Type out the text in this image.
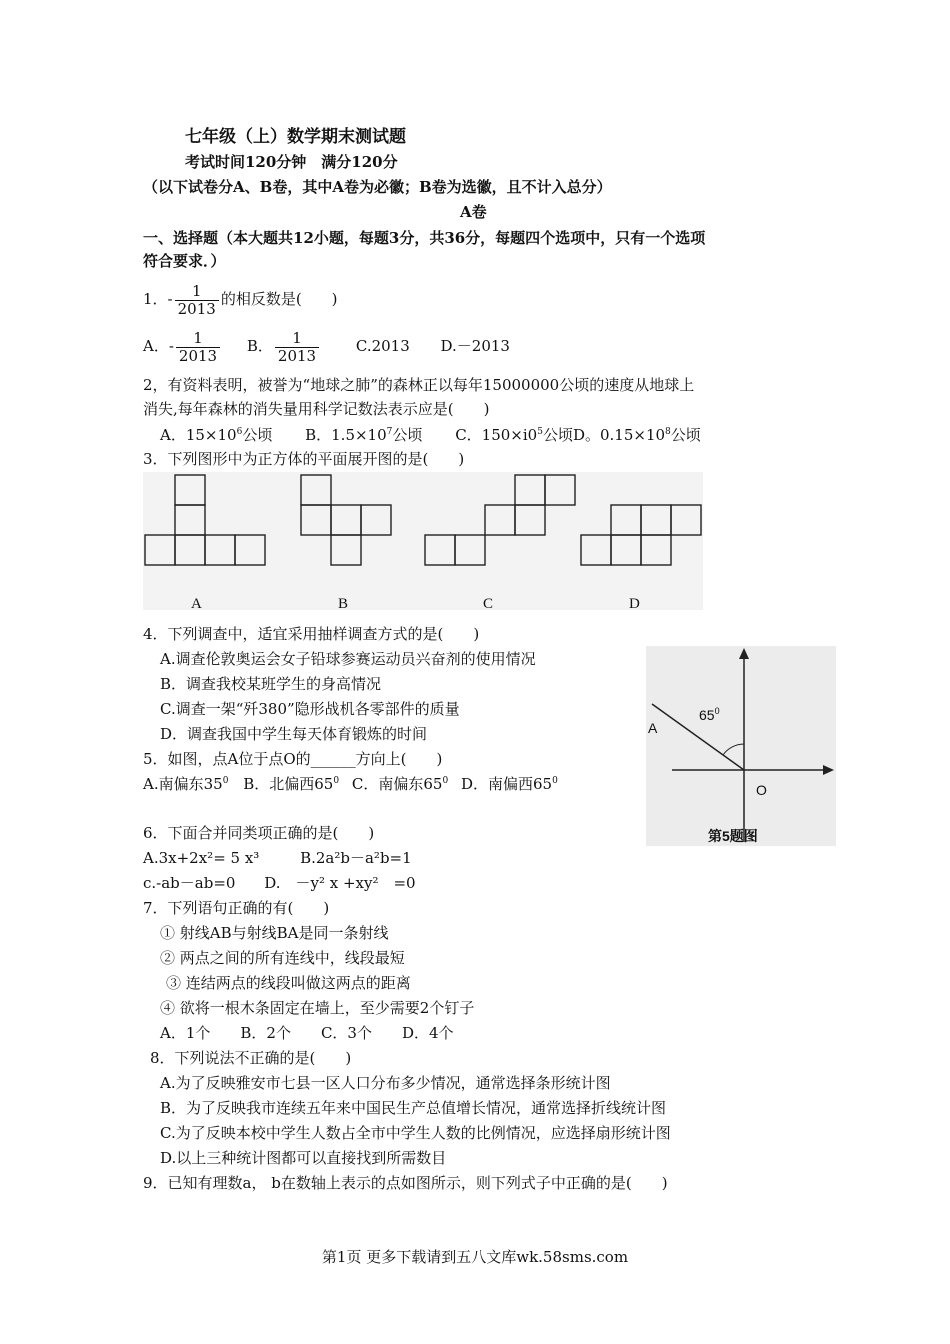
七年级（上）数学期末测试题
考试时间120分钟　满分120分
（以下试卷分A、B卷，其中A卷为必徽；B卷为选徽，且不计入总分）
A卷
一、选择题（本大题共12小题，每题3分，共36分，每题四个选项中，只有一个选项
符合要求．）
1．- $\frac{1}{2013}$ 的相反数是(　　)
A．- $\frac{1}{2013}$ B． $\frac{1}{2013} C.2013$ D.－2013
2，有资料表明，被誉为“地球之肺”的森林正以每年15000000公顷的速度从地球上
消失,每年森林的消失量用科学记数法表示应是(　　)
A．$15\times 10^6$公顷 B．$1.5\times 10^7$公顷 C．$150\times i0^5$公顷D。$0.15\times 10^8$公顷
3．下列图形中为正方体的平面展开图的是(　　)
A	B	C	D
4．下列调查中，适宜采用抽样调查方式的是(　　)
A.调查伦敦奥运会女子铅球参赛运动员兴奋剂的使用情况
B．调查我校某班学生的身高情况
C.调查一架“歼380”隐形战机各零部件的质量
D．调查我国中学生每天体育锻炼的时间
$65^0$
A
O
第5题图
5．如图，点A位于点O的______方向上(　　)
A.南偏东$35^0$ B．北偏西$65^0$ C．南偏东$65^0$ D．南偏西$65^0$
6．下面合并同类项正确的是(　　)
A.3x+2x²= 5 x³	B.2a²b－a²b=1
c.-ab－ab=0 D.　－y² x +xy²　=0
7．下列语句正确的有(　　)
① 射线AB与射线BA是同一条射线
② 两点之间的所有连线中，线段最短
③ 连结两点的线段叫做这两点的距离
④ 欲将一根木条固定在墙上，至少需要2个钉子
A．1个　　B．2个　　C．3个　　D．4个
8．下列说法不正确的是(　　)
A.为了反映雅安市七县一区人口分布多少情况，通常选择条形统计图
B．为了反映我市连续五年来中国民生产总值增长情况，通常选择折线统计图
C.为了反映本校中学生人数占全市中学生人数的比例情况，应选择扇形统计图
D.以上三种统计图都可以直接找到所需数目
9．已知有理数a， b在数轴上表示的点如图所示，则下列式子中正确的是(　　)
第1页 更多下载请到五八文库wk.58sms.com
